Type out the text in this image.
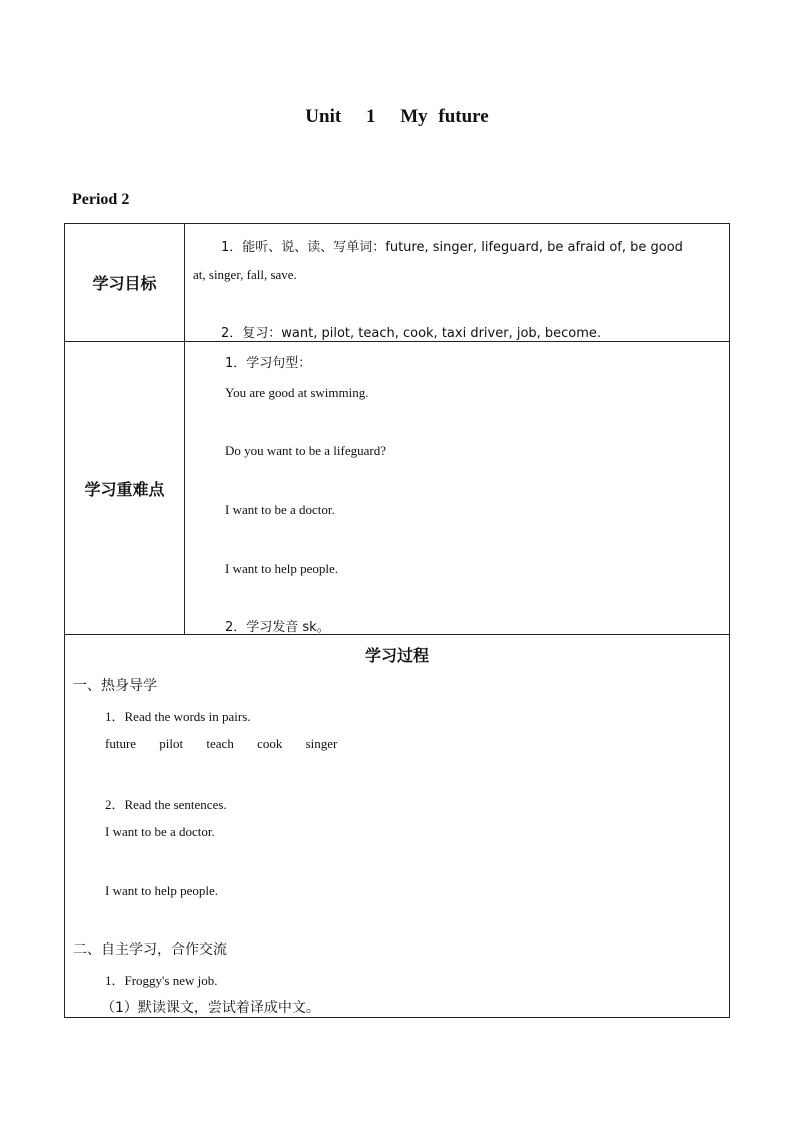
Unit 1 My future
Period 2
学习目标
1．能听、说、读、写单词：future, singer, lifeguard, be afraid of, be good
at, singer, fall, save.
2．复习：want, pilot, teach, cook, taxi driver, job, become.
学习重难点
1．学习句型：
You are good at swimming.
Do you want to be a lifeguard?
I want to be a doctor.
I want to help people.
2．学习发音 sk。
学习过程
一、热身导学
1．Read the words in pairs.
future pilot teach cook singer
2．Read the sentences.
I want to be a doctor.
I want to help people.
二、自主学习，合作交流
1．Froggy's new job.
（1）默读课文，尝试着译成中文。
